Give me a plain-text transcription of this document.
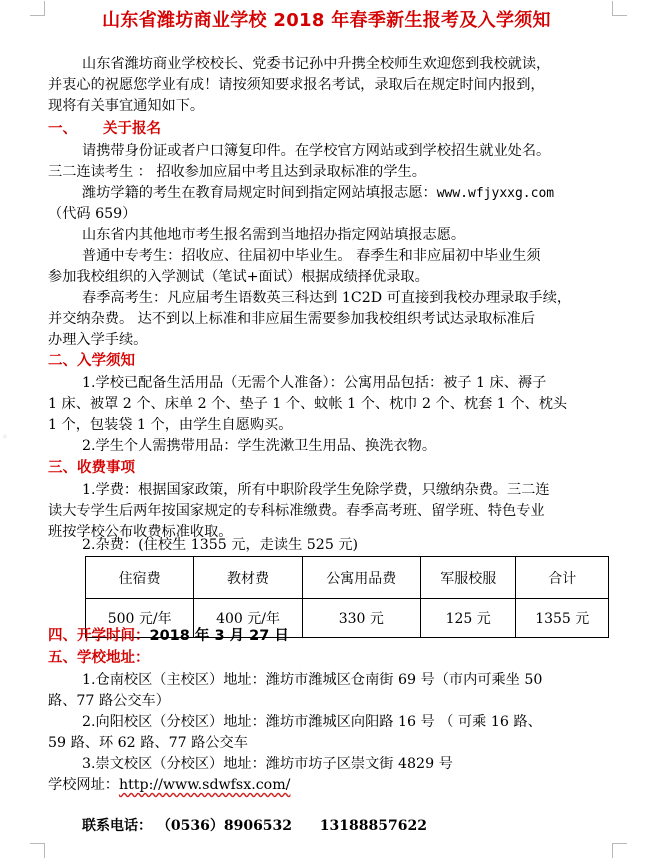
◦
山东省潍坊商业学校 2018 年春季新生报考及入学须知
山东省潍坊商业学校校长、党委书记孙中升携全校师生欢迎您到我校就读，
并衷心的祝愿您学业有成！请按须知要求报名考试，录取后在规定时间内报到，
现将有关事宜通知如下。
一、 关于报名
请携带身份证或者户口簿复印件。在学校官方网站或到学校招生就业处名。
三二连读考生 ： 招收参加应届中考且达到录取标准的学生。
潍坊学籍的考生在教育局规定时间到指定网站填报志愿：www.wfjyxxg.com
（代码 659）
山东省内其他地市考生报名需到当地招办指定网站填报志愿。
普通中专考生：招收应、往届初中毕业生。 春季生和非应届初中毕业生须
参加我校组织的入学测试（笔试+面试）根据成绩择优录取。
春季高考生：凡应届考生语数英三科达到 1C2D 可直接到我校办理录取手续，
并交纳杂费。 达不到以上标准和非应届生需要参加我校组织考试达录取标准后
办理入学手续。
二、入学须知
1.学校已配备生活用品（无需个人准备）：公寓用品包括：被子 1 床、褥子
1 床、被罩 2 个、床单 2 个、垫子 1 个、蚊帐 1 个、枕巾 2 个、枕套 1 个、枕头
1 个，包装袋 1 个，由学生自愿购买。
2.学生个人需携带用品：学生洗漱卫生用品、换洗衣物。
三、收费事项
1.学费：根据国家政策，所有中职阶段学生免除学费，只缴纳杂费。三二连
读大专学生后两年按国家规定的专科标准缴费。春季高考班、留学班、特色专业
班按学校公布收费标准收取。
2.杂费：(住校生 1355 元，走读生 525 元)
住宿费	教材费	公寓用品费	军服校服	合计
500 元/年	400 元/年	330 元	125 元	1355 元
四、开学时间：2018 年 3 月 27 日
五、学校地址：
1.仓南校区（主校区）地址：潍坊市潍城区仓南街 69 号（市内可乘坐 50
路、77 路公交车）
2.向阳校区（分校区）地址：潍坊市潍城区向阳路 16 号 （ 可乘 16 路、
59 路、环 62 路、77 路公交车
3.崇文校区（分校区）地址：潍坊市坊子区崇文街 4829 号
学校网址：http://www.sdwfsx.com/
联系电话： （0536）8906532 13188857622
